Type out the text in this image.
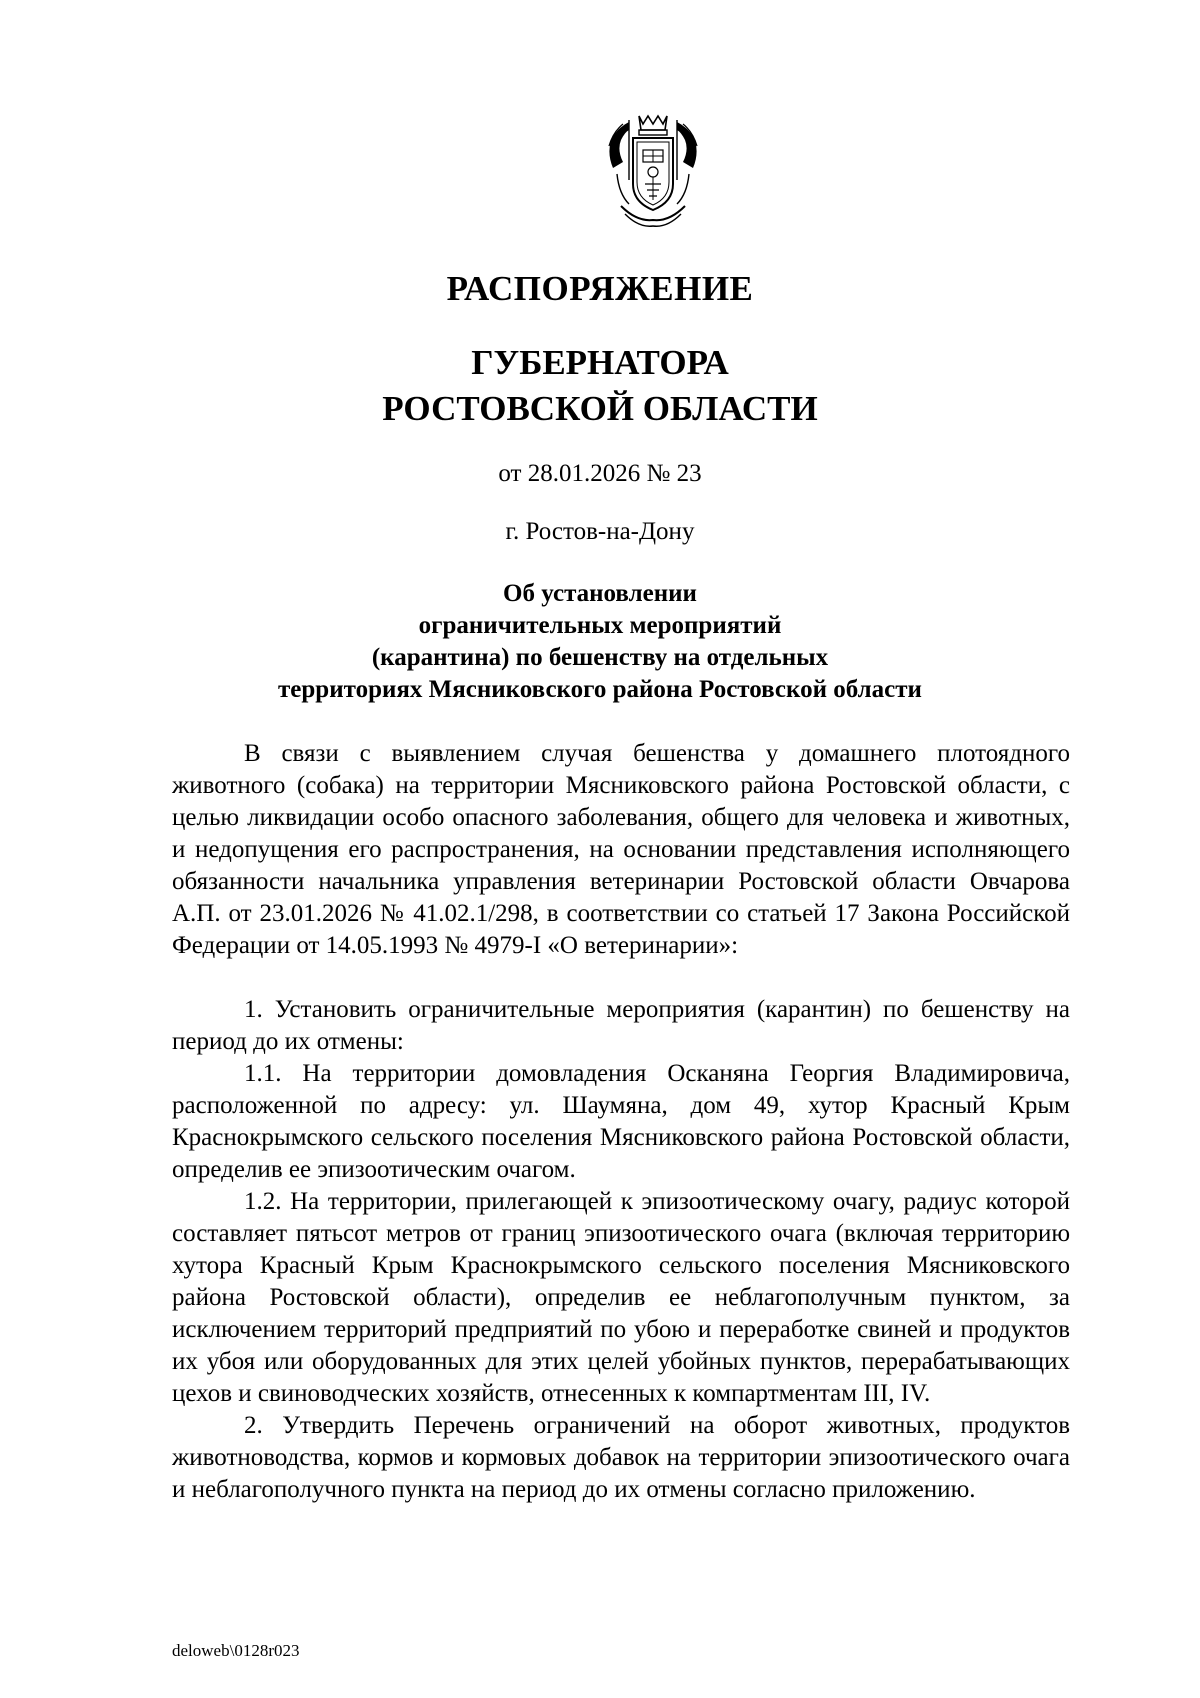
РАСПОРЯЖЕНИЕ
ГУБЕРНАТОРА
РОСТОВСКОЙ ОБЛАСТИ
от 28.01.2026 № 23
г. Ростов-на-Дону
Об установлении
ограничительных мероприятий
(карантина) по бешенству на отдельных
территориях Мясниковского района Ростовской области

В связи с выявлением случая бешенства у домашнего плотоядного животного (собака) на территории Мясниковского района Ростовской области, с целью ликвидации особо опасного заболевания, общего для человека и животных, и недопущения его распространения, на основании представления исполняющего обязанности начальника управления ветеринарии Ростовской области Овчарова А.П. от 23.01.2026 № 41.02.1/298, в соответствии со статьей 17 Закона Российской Федерации от 14.05.1993 № 4979-I «О ветеринарии»:

1. Установить ограничительные мероприятия (карантин) по бешенству на период до их отмены:

1.1. На территории домовладения Осканяна Георгия Владимировича, расположенной по адресу: ул. Шаумяна, дом 49, хутор Красный Крым Краснокрымского сельского поселения Мясниковского района Ростовской области, определив ее эпизоотическим очагом.

1.2. На территории, прилегающей к эпизоотическому очагу, радиус которой составляет пятьсот метров от границ эпизоотического очага (включая территорию хутора Красный Крым Краснокрымского сельского поселения Мясниковского района Ростовской области), определив ее неблагополучным пунктом, за исключением территорий предприятий по убою и переработке свиней и продуктов их убоя или оборудованных для этих целей убойных пунктов, перерабатывающих цехов и свиноводческих хозяйств, отнесенных к компартментам III, IV.

2. Утвердить Перечень ограничений на оборот животных, продуктов животноводства, кормов и кормовых добавок на территории эпизоотического очага и неблагополучного пункта на период до их отмены согласно приложению.

deloweb\0128r023
